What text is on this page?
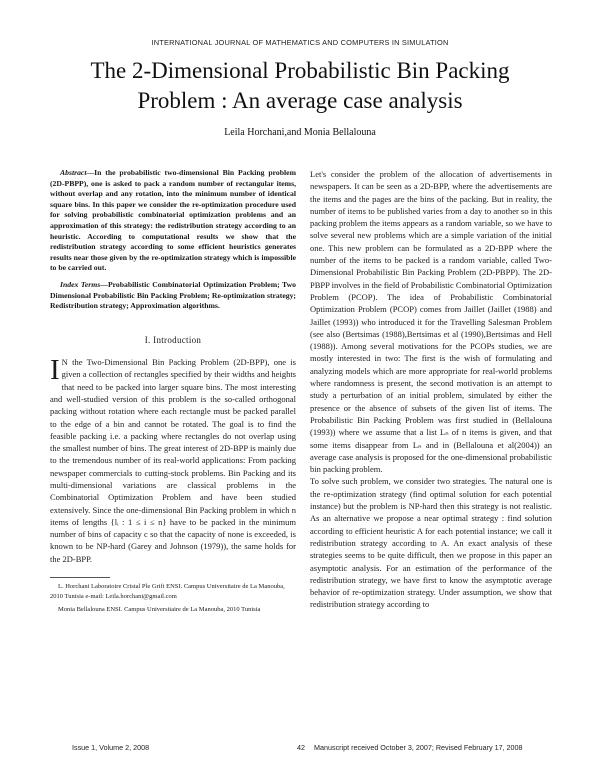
INTERNATIONAL JOURNAL OF MATHEMATICS AND COMPUTERS IN SIMULATION
The 2-Dimensional Probabilistic Bin Packing
Problem : An average case analysis
Leila Horchani,and Monia Bellalouna

Abstract—In the probabilistic two-dimensional Bin Packing problem (2D-PBPP), one is asked to pack a random number of rectangular items, without overlap and any rotation, into the minimum number of identical square bins. In this paper we consider the re-optimization procedure used for solving probabilistic combinatorial optimization problems and an approximation of this strategy: the redistribution strategy according to an heuristic. According to computational results we show that the redistribution strategy according to some efficient heuristics generates results near those given by the re-optimization strategy which is impossible to be carried out.

Index Terms—Probabilistic Combinatorial Optimization Problem; Two Dimensional Probabilistic Bin Packing Problem; Re-optimization strategy; Redistribution strategy; Approximation algorithms.

I. Introduction

I N the Two-Dimensional Bin Packing Problem (2D-BPP), one is given a collection of rectangles specified by their widths and heights that need to be packed into larger square bins. The most interesting and well-studied version of this problem is the so-called orthogonal packing without rotation where each rectangle must be packed parallel to the edge of a bin and cannot be rotated. The goal is to find the feasible packing i.e. a packing where rectangles do not overlap using the smallest number of bins. The great interest of 2D-BPP is mainly due to the tremendous number of its real-world applications: From packing newspaper commercials to cutting-stock problems. Bin Packing and its multi-dimensional variations are classical problems in the Combinatorial Optimization Problem and have been studied extensively. Since the one-dimensional Bin Packing problem in which n items of lengths {lᵢ : 1 ≤ i ≤ n} have to be packed in the minimum number of bins of capacity c so that the capacity of none is exceeded, is known to be NP-hard (Garey and Johnson (1979)), the same holds for the 2D-BPP.

L. Horchani Laboratoire Cristal Ple Grift ENSI. Campus Universitaire de La Manouba, 2010 Tunisia e-mail: Leila.horchani@gmail.com

Monia Bellalouna ENSI. Campus Universitaire de La Manouba, 2010 Tunisia

Let's consider the problem of the allocation of advertisements in newspapers. It can be seen as a 2D-BPP, where the advertisements are the items and the pages are the bins of the packing. But in reality, the number of items to be published varies from a day to another so in this packing problem the items appears as a random variable, so we have to solve several new problems which are a simple variation of the initial one. This new problem can be formulated as a 2D-BPP where the number of the items to be packed is a random variable, called Two-Dimensional Probabilistic Bin Packing Problem (2D-PBPP). The 2D-PBPP involves in the field of Probabilistic Combinatorial Optimization Problem (PCOP). The idea of Probabilistic Combinatorial Optimization Problem (PCOP) comes from Jaillet (Jaillet (1988) and Jaillet (1993)) who introduced it for the Travelling Salesman Problem (see also (Bertsimas (1988),Bertsimas et al (1990),Bertsimas and Hell (1988)). Among several motivations for the PCOPs studies, we are mostly interested in two: The first is the wish of formulating and analyzing models which are more appropriate for real-world problems where randomness is present, the second motivation is an attempt to study a perturbation of an initial problem, simulated by either the presence or the absence of subsets of the given list of items. The Probabilistic Bin Packing Problem was first studied in (Bellalouna (1993)) where we assume that a list Lₙ of n items is given, and that some items disappear from Lₙ and in (Bellalouna et al(2004)) an average case analysis is proposed for the one-dimensional probabilistic bin packing problem.

To solve such problem, we consider two strategies. The natural one is the re-optimization strategy (find optimal solution for each potential instance) but the problem is NP-hard then this strategy is not realistic. As an alternative we propose a near optimal strategy : find solution according to efficient heuristic A for each potential instance; we call it redistribution strategy according to A. An exact analysis of these strategies seems to be quite difficult, then we propose in this paper an asymptotic analysis. For an estimation of the performance of the redistribution strategy, we have first to know the asymptotic average behavior of re-optimization strategy. Under assumption, we show that redistribution strategy according to

Issue 1, Volume 2, 2008	42 Manuscript received October 3, 2007; Revised February 17, 2008
